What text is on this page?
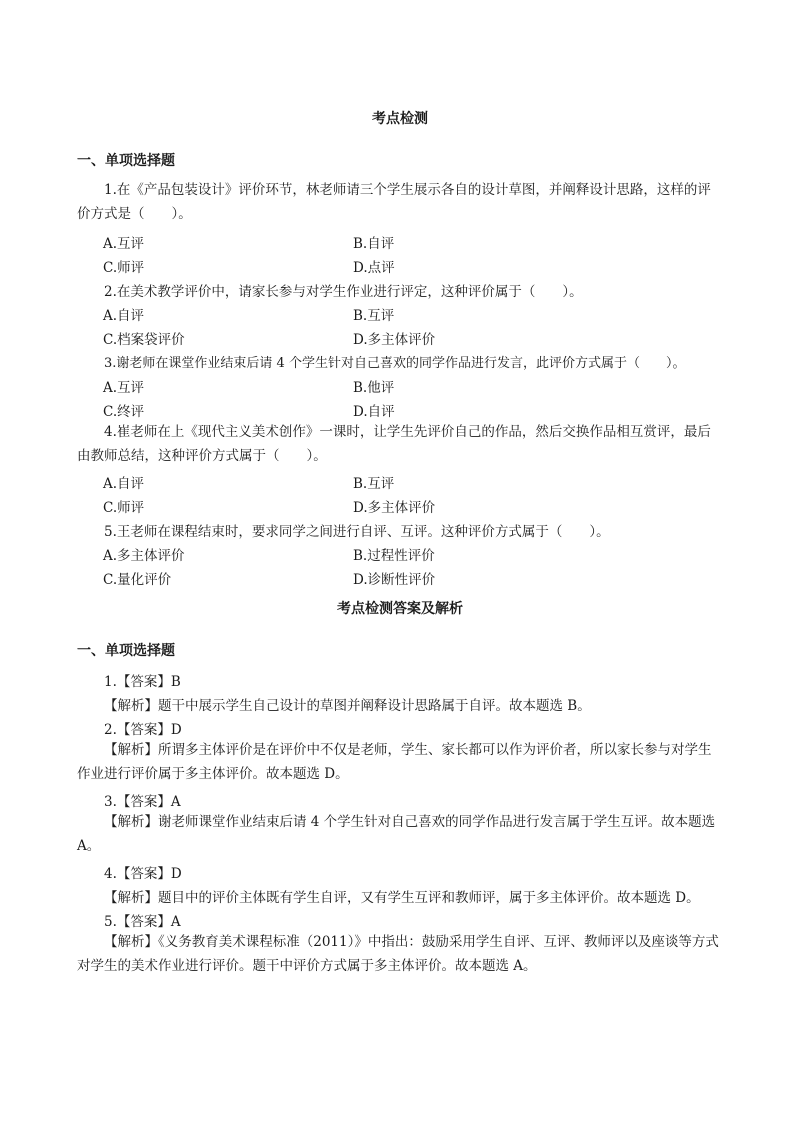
考点检测
一、单项选择题
1.在《产品包装设计》评价环节，林老师请三个学生展示各自的设计草图，并阐释设计思路，这样的评价方式是（　　）。
A.互评	B.自评
C.师评	D.点评
2.在美术教学评价中，请家长参与对学生作业进行评定，这种评价属于（　　）。
A.自评	B.互评
C.档案袋评价	D.多主体评价
3.谢老师在课堂作业结束后请 4 个学生针对自己喜欢的同学作品进行发言，此评价方式属于（　　）。
A.互评	B.他评
C.终评	D.自评
4.崔老师在上《现代主义美术创作》一课时，让学生先评价自己的作品，然后交换作品相互赏评，最后由教师总结，这种评价方式属于（　　）。
A.自评	B.互评
C.师评	D.多主体评价
5.王老师在课程结束时，要求同学之间进行自评、互评。这种评价方式属于（　　）。
A.多主体评价	B.过程性评价
C.量化评价	D.诊断性评价
考点检测答案及解析
一、单项选择题
1.【答案】B
【解析】题干中展示学生自己设计的草图并阐释设计思路属于自评。故本题选 B。
2.【答案】D
【解析】所谓多主体评价是在评价中不仅是老师，学生、家长都可以作为评价者，所以家长参与对学生作业进行评价属于多主体评价。故本题选 D。
3.【答案】A
【解析】谢老师课堂作业结束后请 4 个学生针对自己喜欢的同学作品进行发言属于学生互评。故本题选 A。
4.【答案】D
【解析】题目中的评价主体既有学生自评，又有学生互评和教师评，属于多主体评价。故本题选 D。
5.【答案】A
【解析】《义务教育美术课程标准（2011）》中指出：鼓励采用学生自评、互评、教师评以及座谈等方式对学生的美术作业进行评价。题干中评价方式属于多主体评价。故本题选 A。
